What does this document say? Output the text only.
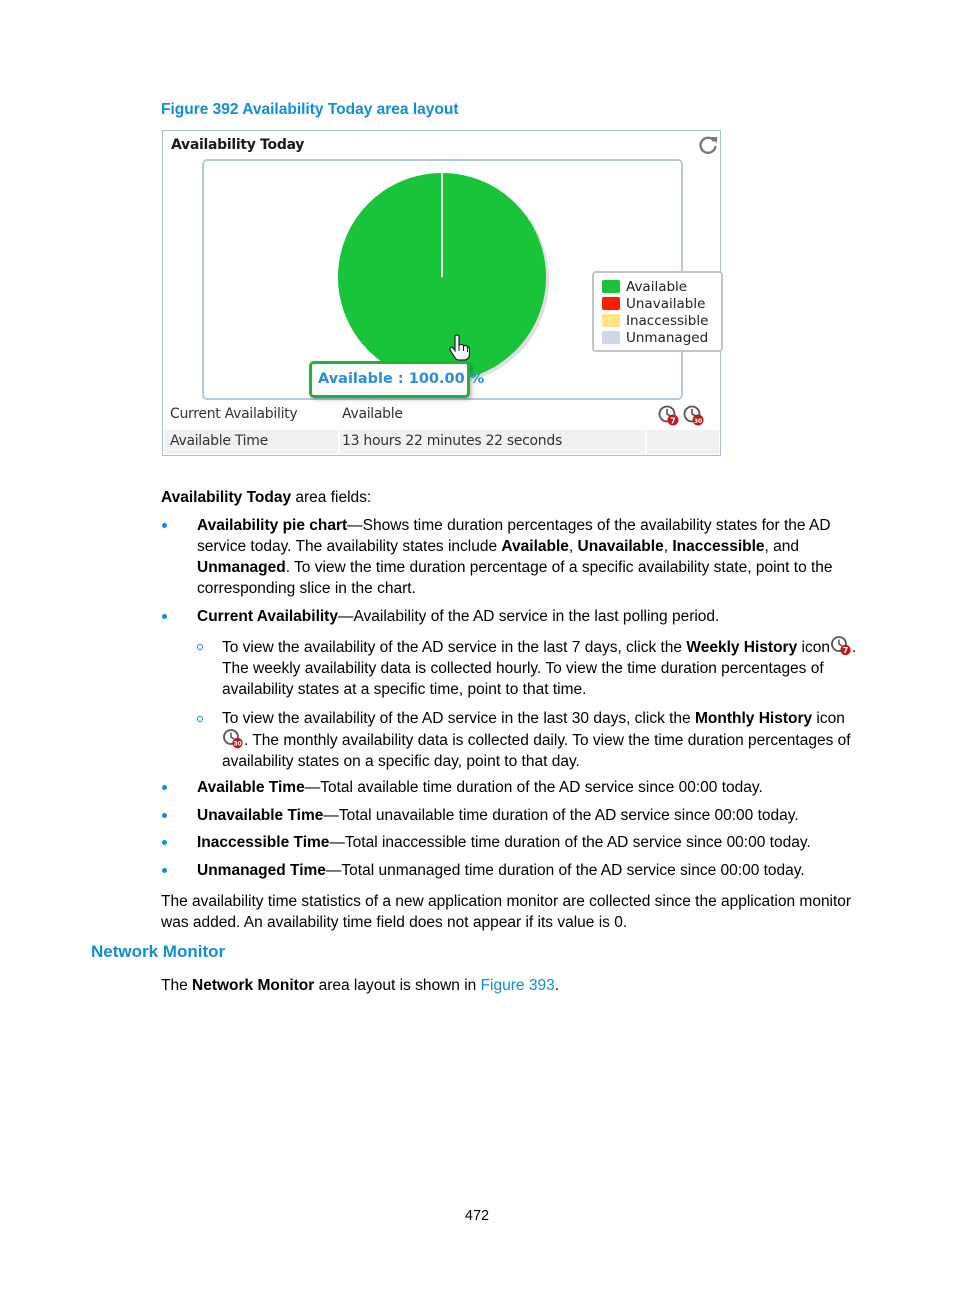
Figure 392 Availability Today area layout
Availability Today
Available
Unavailable
Inaccessible
Unmanaged
Available : 100.00 %
Current Availability	Available	7	30
Available Time	13 hours 22 minutes 22 seconds
Availability Today area fields:
Availability pie chart—Shows time duration percentages of the availability states for the AD service today. The availability states include Available, Unavailable, Inaccessible, and Unmanaged. To view the time duration percentage of a specific availability state, point to the corresponding slice in the chart.
Current Availability—Availability of the AD service in the last polling period.
To view the availability of the AD service in the last 7 days, click the Weekly History icon 7 . The weekly availability data is collected hourly. To view the time duration percentages of availability states at a specific time, point to that time.
To view the availability of the AD service in the last 30 days, click the Monthly History icon
30 . The monthly availability data is collected daily. To view the time duration percentages of availability states on a specific day, point to that day.
Available Time—Total available time duration of the AD service since 00:00 today.
Unavailable Time—Total unavailable time duration of the AD service since 00:00 today.
Inaccessible Time—Total inaccessible time duration of the AD service since 00:00 today.
Unmanaged Time—Total unmanaged time duration of the AD service since 00:00 today.
The availability time statistics of a new application monitor are collected since the application monitor was added. An availability time field does not appear if its value is 0.
Network Monitor
The Network Monitor area layout is shown in Figure 393.
472
